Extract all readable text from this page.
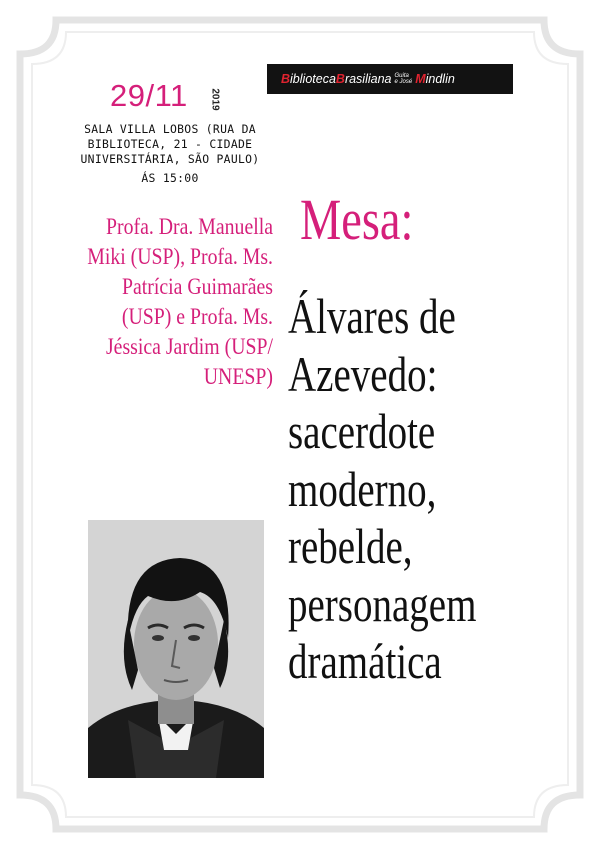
29/11 2019
SALA VILLA LOBOS (RUA DA BIBLIOTECA, 21 - CIDADE UNIVERSITÁRIA, SÃO PAULO)
ÁS 15:00
B iblioteca B rasiliana Guita
e José M indlin
Profa. Dra. Manuella Miki (USP), Profa. Ms. Patrícia Guimarães (USP) e Profa. Ms. Jéssica Jardim (USP/ UNESP)
Mesa:
Álvares de Azevedo: sacerdote moderno, rebelde, personagem dramática
